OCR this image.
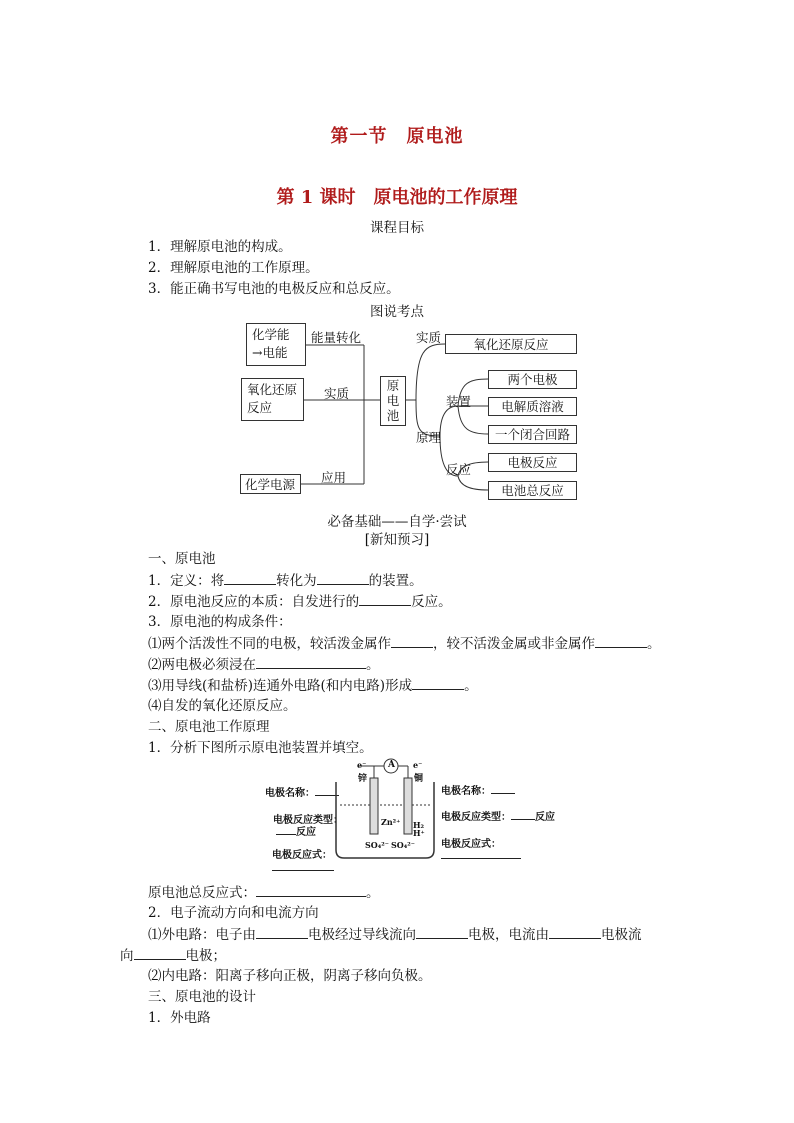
第一节　原电池
第 1 课时　原电池的工作原理
课程目标
1．理解原电池的构成。
2．理解原电池的工作原理。
3．能正确书写电池的电极反应和总反应。
图说考点
化学能
→电能
氧化还原
反应
化学电源
能量转化
实质
应用
原
电
池
实质	氧化还原反应
原理
装置
反应
两个电极
电解质溶液
一个闭合回路
电极反应
电池总反应
必备基础——自学·尝试
[新知预习]
一、原电池
1．定义：将	转化为	的装置。
2．原电池反应的本质：自发进行的	反应。
3．原电池的构成条件：
⑴两个活泼性不同的电极，较活泼金属作	，较不活泼金属或非金属作	。
⑵两电极必须浸在	。
⑶用导线(和盐桥)连通外电路(和内电路)形成	。
⑷自发的氧化还原反应。
二、原电池工作原理
1．分析下图所示原电池装置并填空。
电极名称：
电极反应类型：
反应
电极反应式：
电极名称：
电极反应类型： 反应
电极反应式：
A
e⁻	e⁻
锌	铜
Zn²⁺ H₂
H⁺
SO₄²⁻ SO₄²⁻
原电池总反应式：	。
2．电子流动方向和电流方向
⑴外电路：电子由	电极经过导线流向	电极，电流由	电极流
向	电极；
⑵内电路：阳离子移向正极，阴离子移向负极。
三、原电池的设计
1．外电路
